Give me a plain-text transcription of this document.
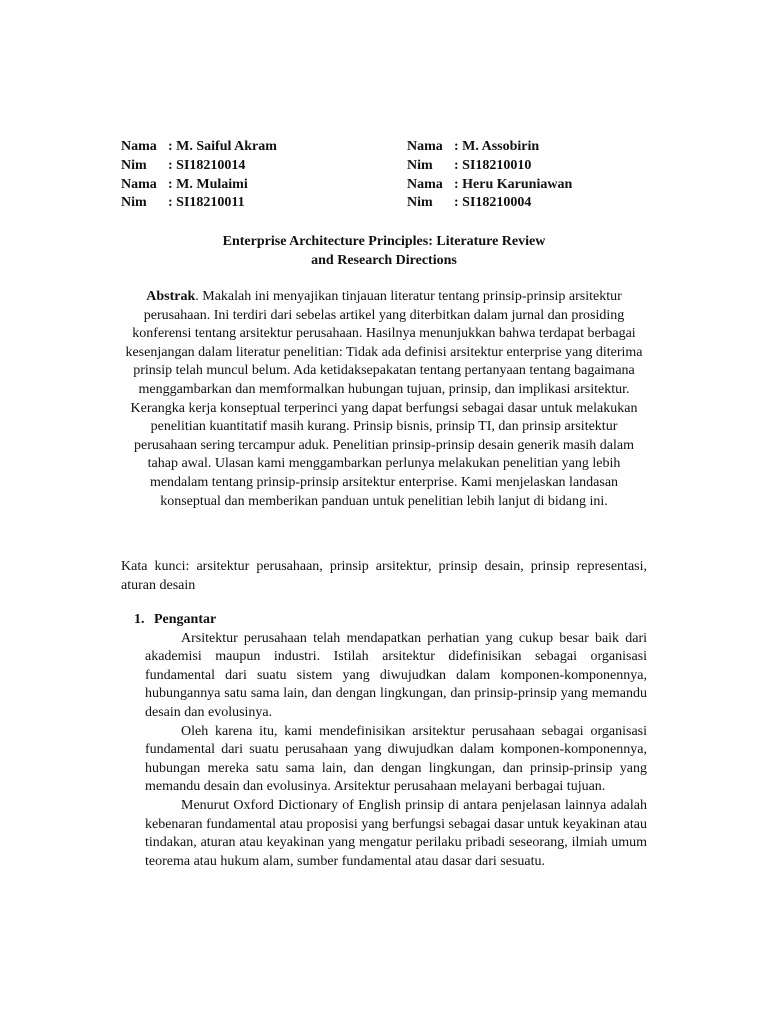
Nama : M. Saiful Akram
Nim : SI18210014
Nama : M. Mulaimi
Nim : SI18210011
Nama : M. Assobirin
Nim : SI18210010
Nama : Heru Karuniawan
Nim : SI18210004
Enterprise Architecture Principles: Literature Review
and Research Directions
Abstrak. Makalah ini menyajikan tinjauan literatur tentang prinsip-prinsip arsitektur perusahaan. Ini terdiri dari sebelas artikel yang diterbitkan dalam jurnal dan prosiding konferensi tentang arsitektur perusahaan. Hasilnya menunjukkan bahwa terdapat berbagai kesenjangan dalam literatur penelitian: Tidak ada definisi arsitektur enterprise yang diterima prinsip telah muncul belum. Ada ketidaksepakatan tentang pertanyaan tentang bagaimana menggambarkan dan memformalkan hubungan tujuan, prinsip, dan implikasi arsitektur. Kerangka kerja konseptual terperinci yang dapat berfungsi sebagai dasar untuk melakukan penelitian kuantitatif masih kurang. Prinsip bisnis, prinsip TI, dan prinsip arsitektur perusahaan sering tercampur aduk. Penelitian prinsip-prinsip desain generik masih dalam tahap awal. Ulasan kami menggambarkan perlunya melakukan penelitian yang lebih mendalam tentang prinsip-prinsip arsitektur enterprise. Kami menjelaskan landasan konseptual dan memberikan panduan untuk penelitian lebih lanjut di bidang ini.
Kata kunci: arsitektur perusahaan, prinsip arsitektur, prinsip desain, prinsip representasi, aturan desain

1. Pengantar

Arsitektur perusahaan telah mendapatkan perhatian yang cukup besar baik dari akademisi maupun industri. Istilah arsitektur didefinisikan sebagai organisasi fundamental dari suatu sistem yang diwujudkan dalam komponen-komponennya, hubungannya satu sama lain, dan dengan lingkungan, dan prinsip-prinsip yang memandu desain dan evolusinya.

Oleh karena itu, kami mendefinisikan arsitektur perusahaan sebagai organisasi fundamental dari suatu perusahaan yang diwujudkan dalam komponen-komponennya, hubungan mereka satu sama lain, dan dengan lingkungan, dan prinsip-prinsip yang memandu desain dan evolusinya. Arsitektur perusahaan melayani berbagai tujuan.

Menurut Oxford Dictionary of English prinsip di antara penjelasan lainnya adalah kebenaran fundamental atau proposisi yang berfungsi sebagai dasar untuk keyakinan atau tindakan, aturan atau keyakinan yang mengatur perilaku pribadi seseorang, ilmiah umum teorema atau hukum alam, sumber fundamental atau dasar dari sesuatu.
